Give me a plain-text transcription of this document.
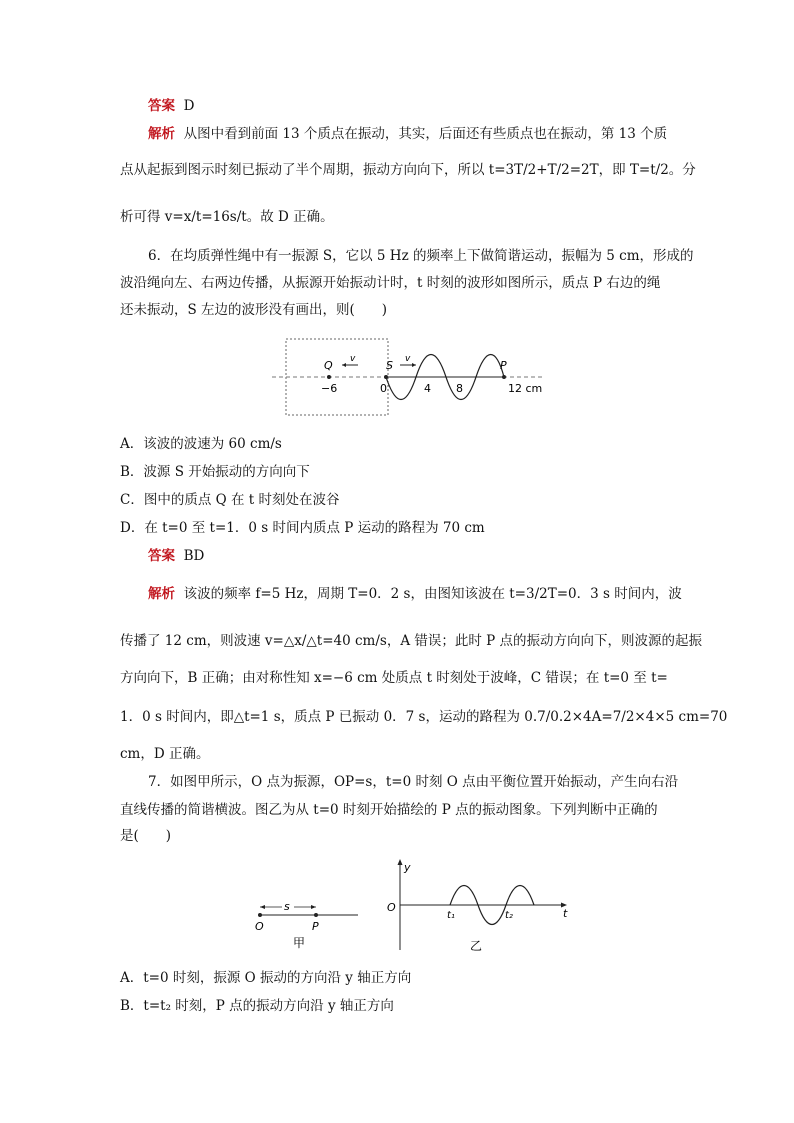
答案 D
解析 从图中看到前面 13 个质点在振动，其实，后面还有些质点也在振动，第 13 个质
点从起振到图示时刻已振动了半个周期，振动方向向下，所以 t=3T/2+T/2=2T，即 T=t/2。分
析可得 v=x/t=16s/t。故 D 正确。
6．在均质弹性绳中有一振源 S，它以 5 Hz 的频率上下做简谐运动，振幅为 5 cm，形成的
波沿绳向左、右两边传播，从振源开始振动计时，t 时刻的波形如图所示，质点 P 右边的绳
还未振动，S 左边的波形没有画出，则(　　)
Q	S	P
v	v
−6	0	4 8	12 cm
A．该波的波速为 60 cm/s
B．波源 S 开始振动的方向向下
C．图中的质点 Q 在 t 时刻处在波谷
D．在 t=0 至 t=1．0 s 时间内质点 P 运动的路程为 70 cm
答案 BD
解析 该波的频率 f=5 Hz，周期 T=0．2 s，由图知该波在 t=3/2T=0．3 s 时间内，波
传播了 12 cm，则波速 v=△x/△t=40 cm/s，A 错误；此时 P 点的振动方向向下，则波源的起振
方向向下，B 正确；由对称性知 x=−6 cm 处质点 t 时刻处于波峰，C 错误；在 t=0 至 t=
1．0 s 时间内，即△t=1 s，质点 P 已振动 0．7 s，运动的路程为 0.7/0.2×4A=7/2×4×5 cm=70
cm，D 正确。
7．如图甲所示，O 点为振源，OP=s，t=0 时刻 O 点由平衡位置开始振动，产生向右沿
直线传播的简谐横波。图乙为从 t=0 时刻开始描绘的 P 点的振动图象。下列判断中正确的
是(　　)
s
O	P
甲
y
O	t
t₁	t₂
乙
A．t=0 时刻，振源 O 振动的方向沿 y 轴正方向
B．t=t₂ 时刻，P 点的振动方向沿 y 轴正方向
